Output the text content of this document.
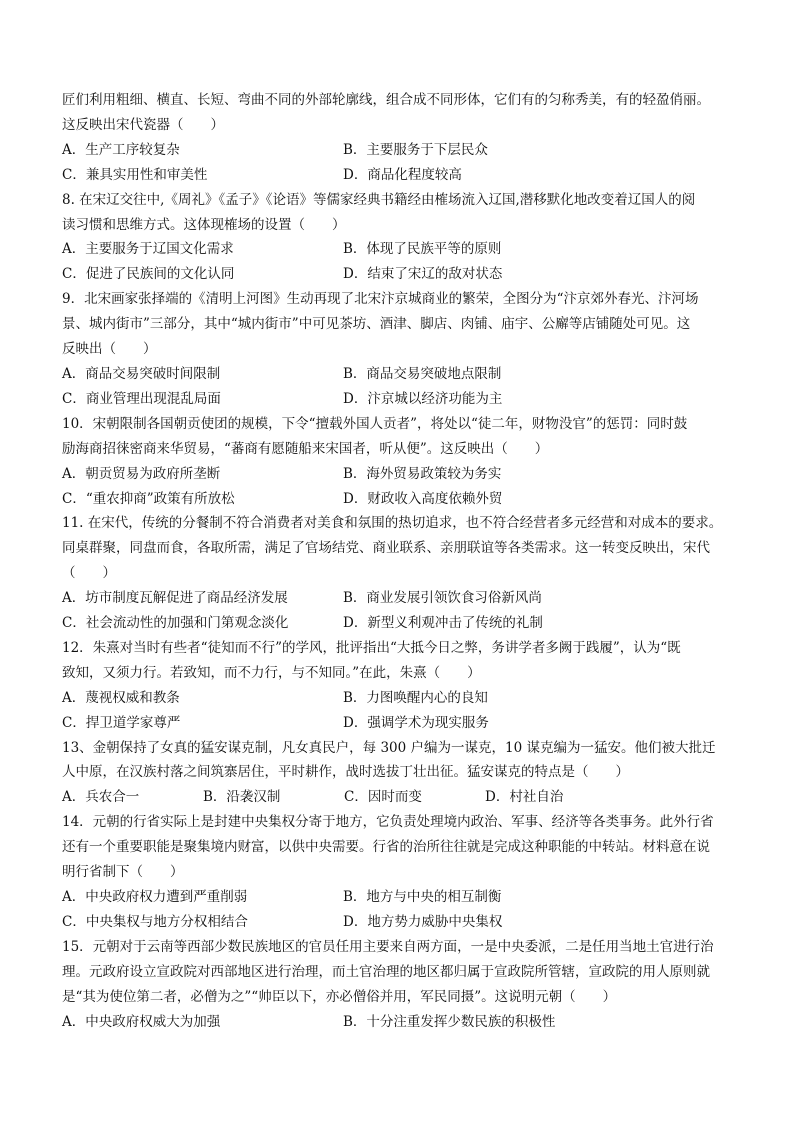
匠们利用粗细、横直、长短、弯曲不同的外部轮廓线，组合成不同形体，它们有的匀称秀美，有的轻盈俏丽。
这反映出宋代瓷器（　　）
A．生产工序较复杂	B．主要服务于下层民众
C．兼具实用性和审美性	D．商品化程度较高
8. 在宋辽交往中,《周礼》《孟子》《论语》等儒家经典书籍经由榷场流入辽国,潜移默化地改变着辽国人的阅
读习惯和思维方式。这体现榷场的设置（　　）
A．主要服务于辽国文化需求	B．体现了民族平等的原则
C．促进了民族间的文化认同	D．结束了宋辽的敌对状态
9．北宋画家张择端的《清明上河图》生动再现了北宋汴京城商业的繁荣，全图分为“汴京郊外春光、汴河场
景、城内街市”三部分，其中“城内街市”中可见茶坊、酒津、脚店、肉铺、庙宇、公廨等店铺随处可见。这
反映出（　　）
A．商品交易突破时间限制	B．商品交易突破地点限制
C．商业管理出现混乱局面	D．汴京城以经济功能为主
10．宋朝限制各国朝贡使团的规模，下令“擅载外国人贡者”，将处以“徒二年，财物没官”的惩罚：同时鼓
励海商招徕密商来华贸易，“蕃商有愿随船来宋国者，听从便”。这反映出（　　）
A．朝贡贸易为政府所垄断	B．海外贸易政策较为务实
C．“重农抑商”政策有所放松	D．财政收入高度依赖外贸
11. 在宋代，传统的分餐制不符合消费者对美食和氛围的热切追求，也不符合经营者多元经营和对成本的要求。
同桌群聚，同盘而食，各取所需，满足了官场结党、商业联系、亲朋联谊等各类需求。这一转变反映出，宋代
（　　）
A．坊市制度瓦解促进了商品经济发展	B．商业发展引领饮食习俗新风尚
C．社会流动性的加强和门第观念淡化	D．新型义利观冲击了传统的礼制
12．朱熹对当时有些者“徒知而不行”的学风，批评指出“大抵今日之弊，务讲学者多阙于践履”，认为“既
致知，又须力行。若致知，而不力行，与不知同。”在此，朱熹（　　）
A．蔑视权威和教条	B．力图唤醒内心的良知
C．捍卫道学家尊严	D．强调学术为现实服务
13、金朝保持了女真的猛安谋克制，凡女真民户，每 300 户编为一谋克，10 谋克编为一猛安。他们被大批迁
人中原，在汉族村落之间筑寨居住，平时耕作，战时选拔丁壮出征。猛安谋克的特点是（　　）
A．兵农合一	B．沿袭汉制	C．因时而变	D．村社自治
14．元朝的行省实际上是封建中央集权分寄于地方，它负责处理境内政治、军事、经济等各类事务。此外行省
还有一个重要职能是聚集境内财富，以供中央需要。行省的治所往往就是完成这种职能的中转站。材料意在说
明行省制下（　　）
A．中央政府权力遭到严重削弱	B．地方与中央的相互制衡
C．中央集权与地方分权相结合	D．地方势力威胁中央集权
15．元朝对于云南等西部少数民族地区的官员任用主要来自两方面，一是中央委派，二是任用当地土官进行治
理。元政府设立宣政院对西部地区进行治理，而土官治理的地区都归属于宣政院所管辖，宣政院的用人原则就
是“其为使位第二者，必僧为之”“帅臣以下，亦必僧俗并用，军民同摄”。这说明元朝（　　）
A．中央政府权威大为加强	B．十分注重发挥少数民族的积极性
